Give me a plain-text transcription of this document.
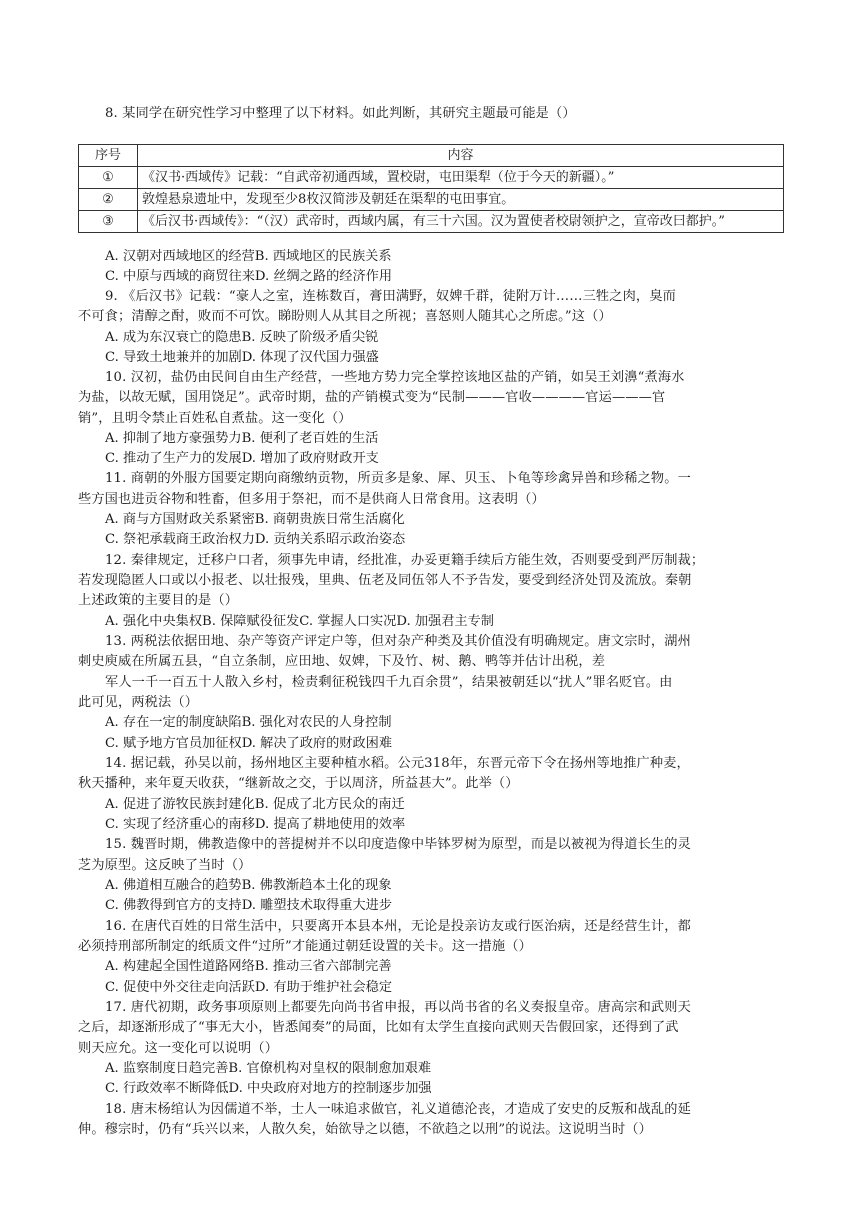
8. 某同学在研究性学习中整理了以下材料。如此判断，其研究主题最可能是（）
序号	内容
①	《汉书·西域传》记载：“自武帝初通西域，置校尉，屯田渠犁（位于今天的新疆）。”
②	敦煌悬泉遗址中，发现至少8枚汉简涉及朝廷在渠犁的屯田事宜。
③	《后汉书·西域传》：“（汉）武帝时，西域内属，有三十六国。汉为置使者校尉领护之，宣帝改曰都护。”
A. 汉朝对西域地区的经营B. 西域地区的民族关系
C. 中原与西域的商贸往来D. 丝绸之路的经济作用
9. 《后汉书》记载：“豪人之室，连栋数百，膏田满野，奴婢千群，徒附万计……三牲之肉，臭而
不可食；清醇之酎，败而不可饮。睇盼则人从其目之所视；喜怒则人随其心之所虑。”这（）
A. 成为东汉衰亡的隐患B. 反映了阶级矛盾尖锐
C. 导致土地兼并的加剧D. 体现了汉代国力强盛
10. 汉初，盐仍由民间自由生产经营，一些地方势力完全掌控该地区盐的产销，如吴王刘濞“煮海水
为盐，以故无赋，国用饶足”。武帝时期，盐的产销模式变为“民制———官收————官运———官
销”，且明令禁止百姓私自煮盐。这一变化（）
A. 抑制了地方豪强势力B. 便利了老百姓的生活
C. 推动了生产力的发展D. 增加了政府财政开支
11. 商朝的外服方国要定期向商缴纳贡物，所贡多是象、犀、贝玉、卜龟等珍禽异兽和珍稀之物。一
些方国也进贡谷物和牲畜，但多用于祭祀，而不是供商人日常食用。这表明（）
A. 商与方国财政关系紧密B. 商朝贵族日常生活腐化
C. 祭祀承载商王政治权力D. 贡纳关系昭示政治姿态
12. 秦律规定，迁移户口者，须事先申请，经批准，办妥更籍手续后方能生效，否则要受到严厉制裁；
若发现隐匿人口或以小报老、以壮报残，里典、伍老及同伍邻人不予告发，要受到经济处罚及流放。秦朝
上述政策的主要目的是（）
A. 强化中央集权B. 保障赋役征发C. 掌握人口实况D. 加强君主专制
13. 两税法依据田地、杂产等资产评定户等，但对杂产种类及其价值没有明确规定。唐文宗时，湖州
刺史庾威在所属五县，“自立条制，应田地、奴婢，下及竹、树、鹅、鸭等并估计出税，差
军人一千一百五十人散入乡村，检责剩征税钱四千九百余贯”，结果被朝廷以“扰人”罪名贬官。由
此可见，两税法（）
A. 存在一定的制度缺陷B. 强化对农民的人身控制
C. 赋予地方官员加征权D. 解决了政府的财政困难
14. 据记载，孙吴以前，扬州地区主要种植水稻。公元318年，东晋元帝下令在扬州等地推广种麦，
秋天播种，来年夏天收获，“继新故之交，于以周济，所益甚大”。此举（）
A. 促进了游牧民族封建化B. 促成了北方民众的南迁
C. 实现了经济重心的南移D. 提高了耕地使用的效率
15. 魏晋时期，佛教造像中的菩提树并不以印度造像中毕钵罗树为原型，而是以被视为得道长生的灵
芝为原型。这反映了当时（）
A. 佛道相互融合的趋势B. 佛教渐趋本土化的现象
C. 佛教得到官方的支持D. 雕塑技术取得重大进步
16. 在唐代百姓的日常生活中，只要离开本县本州，无论是投亲访友或行医治病，还是经营生计，都
必须持刑部所制定的纸质文件“过所”才能通过朝廷设置的关卡。这一措施（）
A. 构建起全国性道路网络B. 推动三省六部制完善
C. 促使中外交往走向活跃D. 有助于维护社会稳定
17. 唐代初期，政务事项原则上都要先向尚书省申报，再以尚书省的名义奏报皇帝。唐高宗和武则天
之后，却逐渐形成了“事无大小，皆悉闻奏”的局面，比如有太学生直接向武则天告假回家，还得到了武
则天应允。这一变化可以说明（）
A. 监察制度日趋完善B. 官僚机构对皇权的限制愈加艰难
C. 行政效率不断降低D. 中央政府对地方的控制逐步加强
18. 唐末杨绾认为因儒道不举，士人一味追求做官，礼义道德沦丧，才造成了安史的反叛和战乱的延
伸。穆宗时，仍有“兵兴以来，人散久矣，始欲导之以德，不欲趋之以刑”的说法。这说明当时（）
